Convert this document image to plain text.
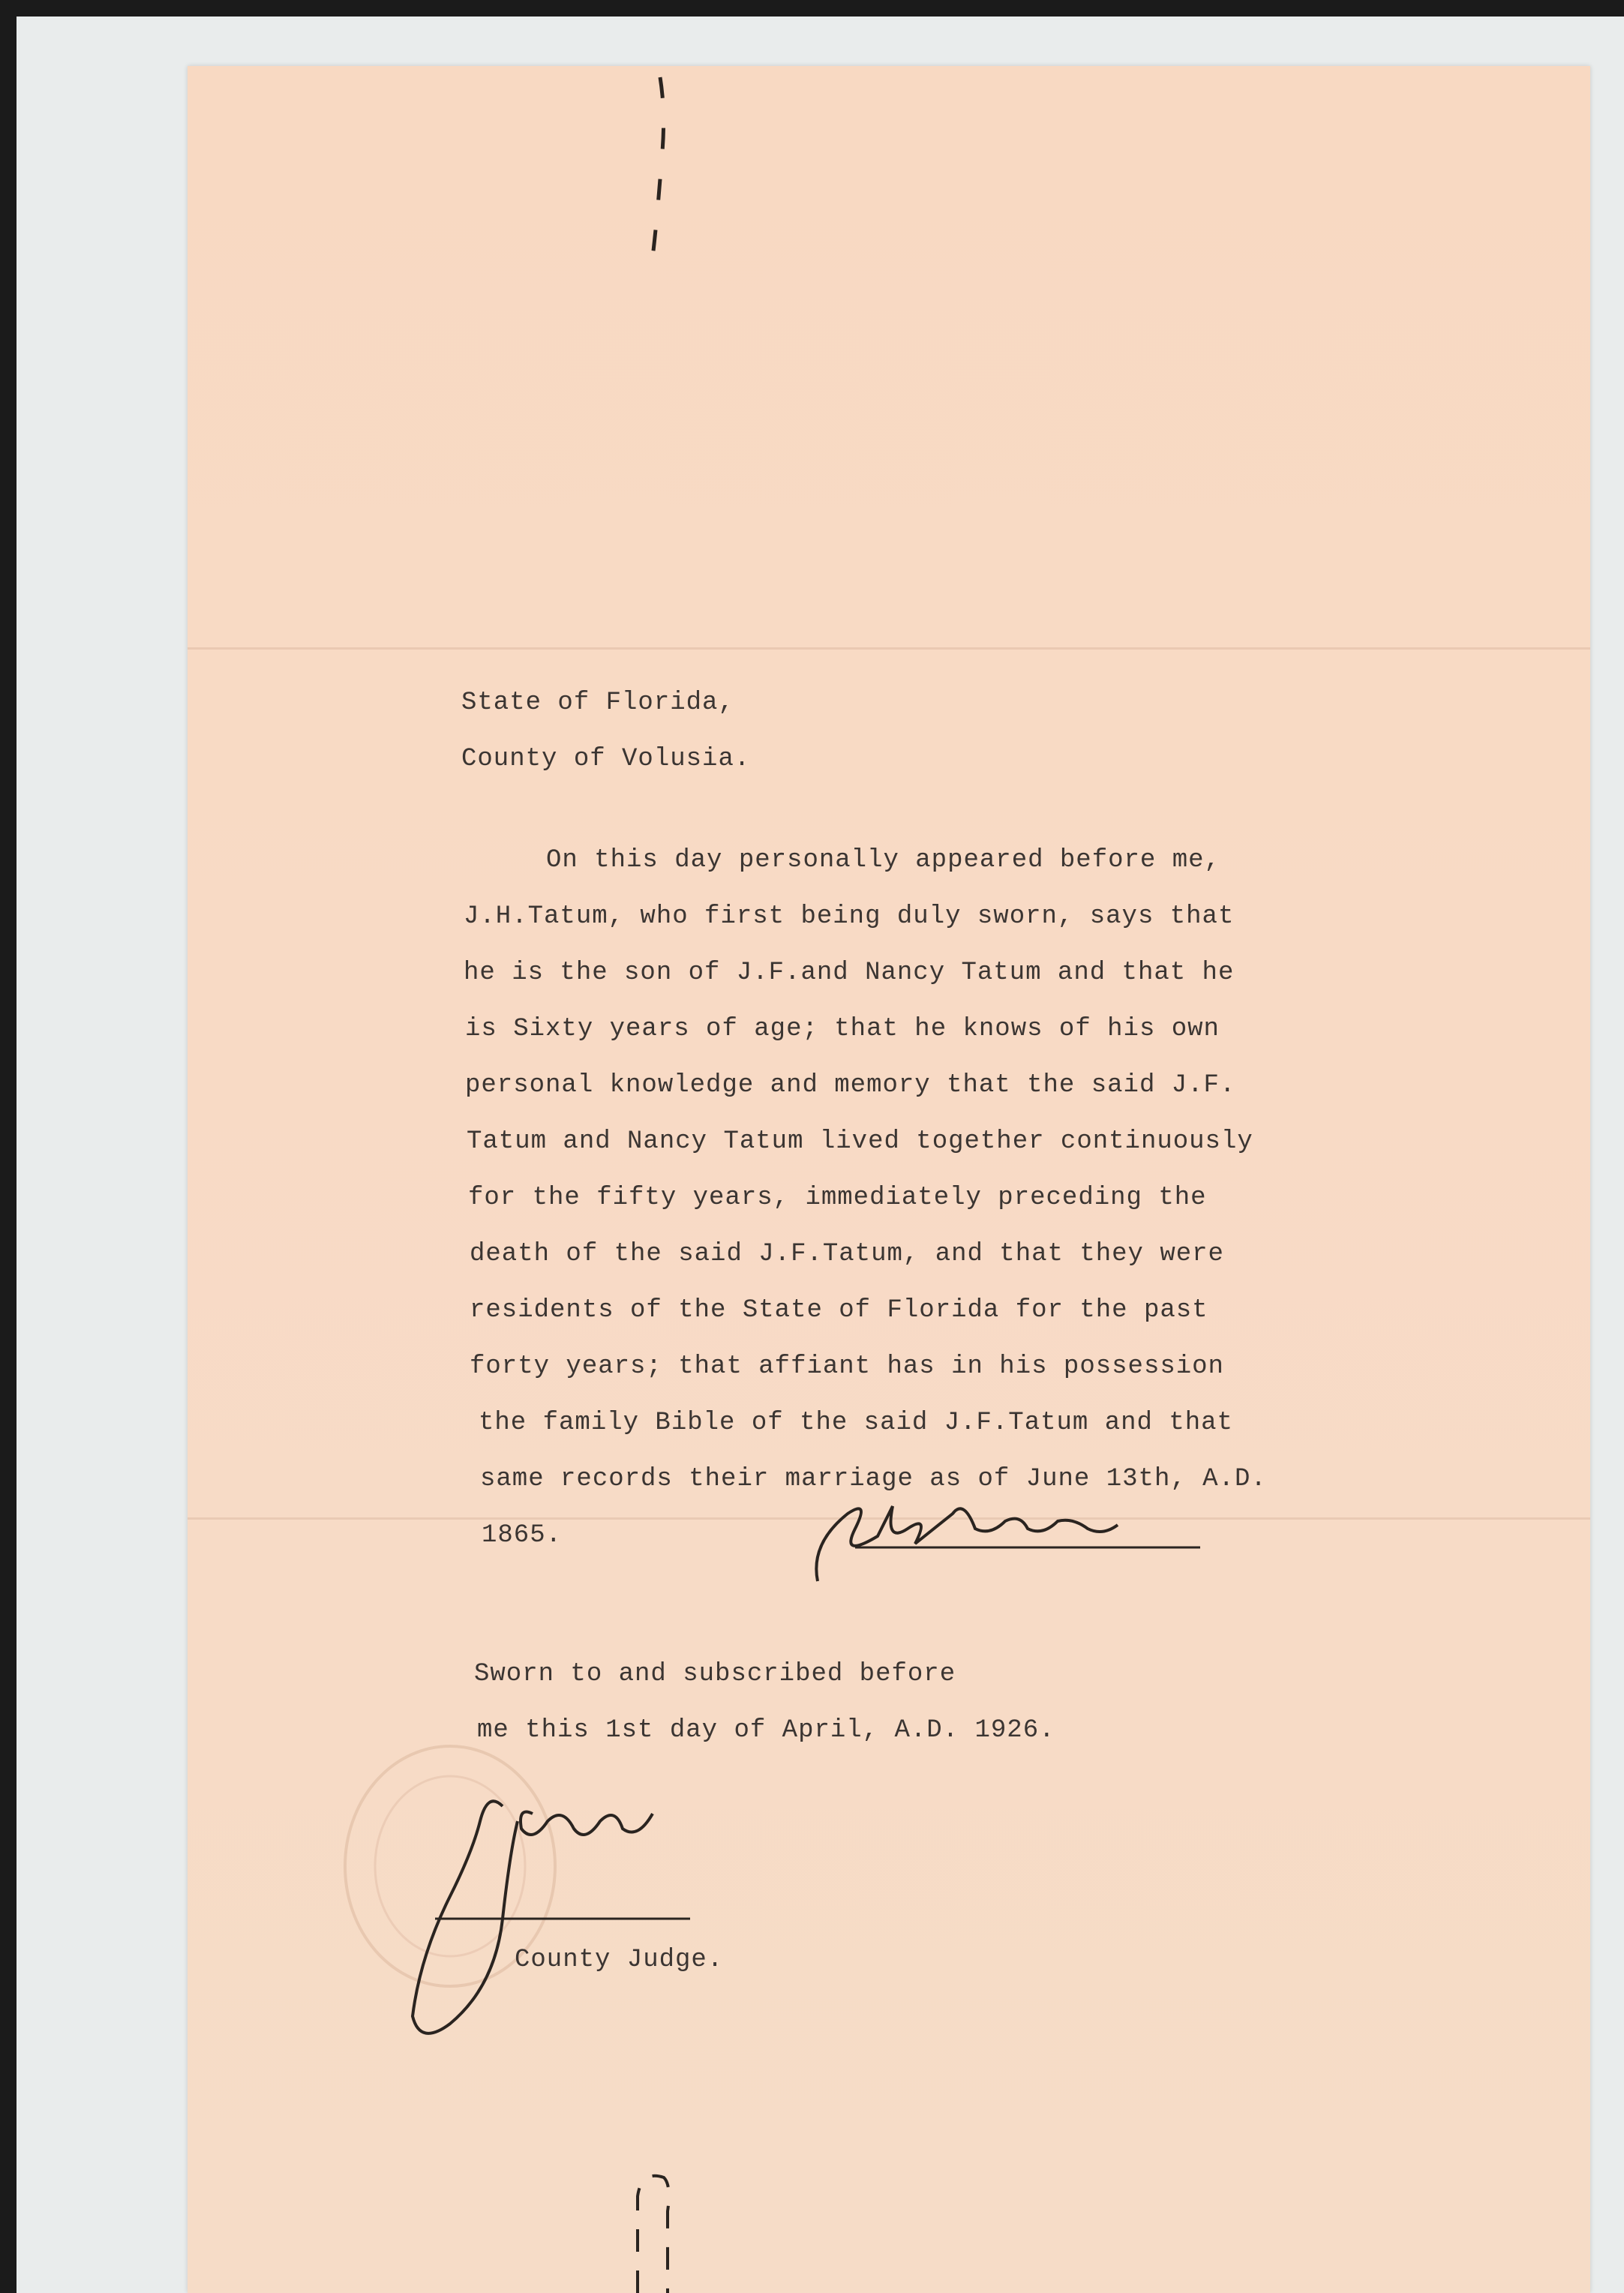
State of Florida,
County of Volusia.
On this day personally appeared before me,
J.H.Tatum, who first being duly sworn, says that
he is the son of J.F.and Nancy Tatum and that he
is Sixty years of age; that he knows of his own
personal knowledge and memory that the said J.F.
Tatum and Nancy Tatum lived together continuously
for the fifty years, immediately preceding the
death of the said J.F.Tatum, and that they were
residents of the State of Florida for the past
forty years; that affiant has in his possession
the family Bible of the said J.F.Tatum and that
same records their marriage as of June 13th, A.D.
1865.
Sworn to and subscribed before
me this 1st day of April, A.D. 1926.
County Judge.
